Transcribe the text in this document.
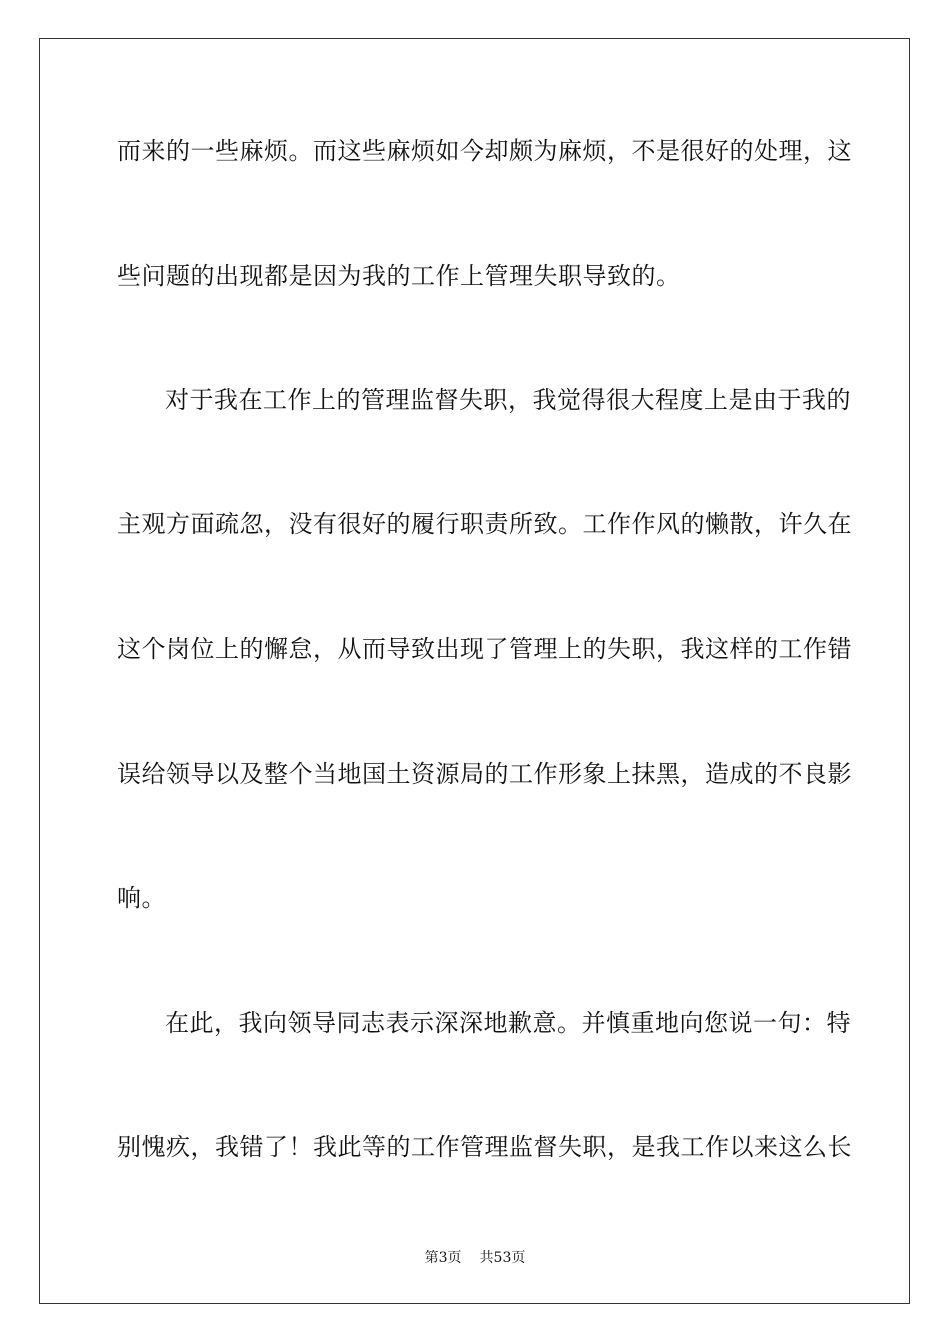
而来的一些麻烦。而这些麻烦如今却颇为麻烦，不是很好的处理，这
些问题的出现都是因为我的工作上管理失职导致的。
对于我在工作上的管理监督失职，我觉得很大程度上是由于我的
主观方面疏忽，没有很好的履行职责所致。工作作风的懒散，许久在
这个岗位上的懈怠，从而导致出现了管理上的失职，我这样的工作错
误给领导以及整个当地国土资源局的工作形象上抹黑，造成的不良影
响。
在此，我向领导同志表示深深地歉意。并慎重地向您说一句：特
别愧疚，我错了！我此等的工作管理监督失职，是我工作以来这么长
第3页 共53页
